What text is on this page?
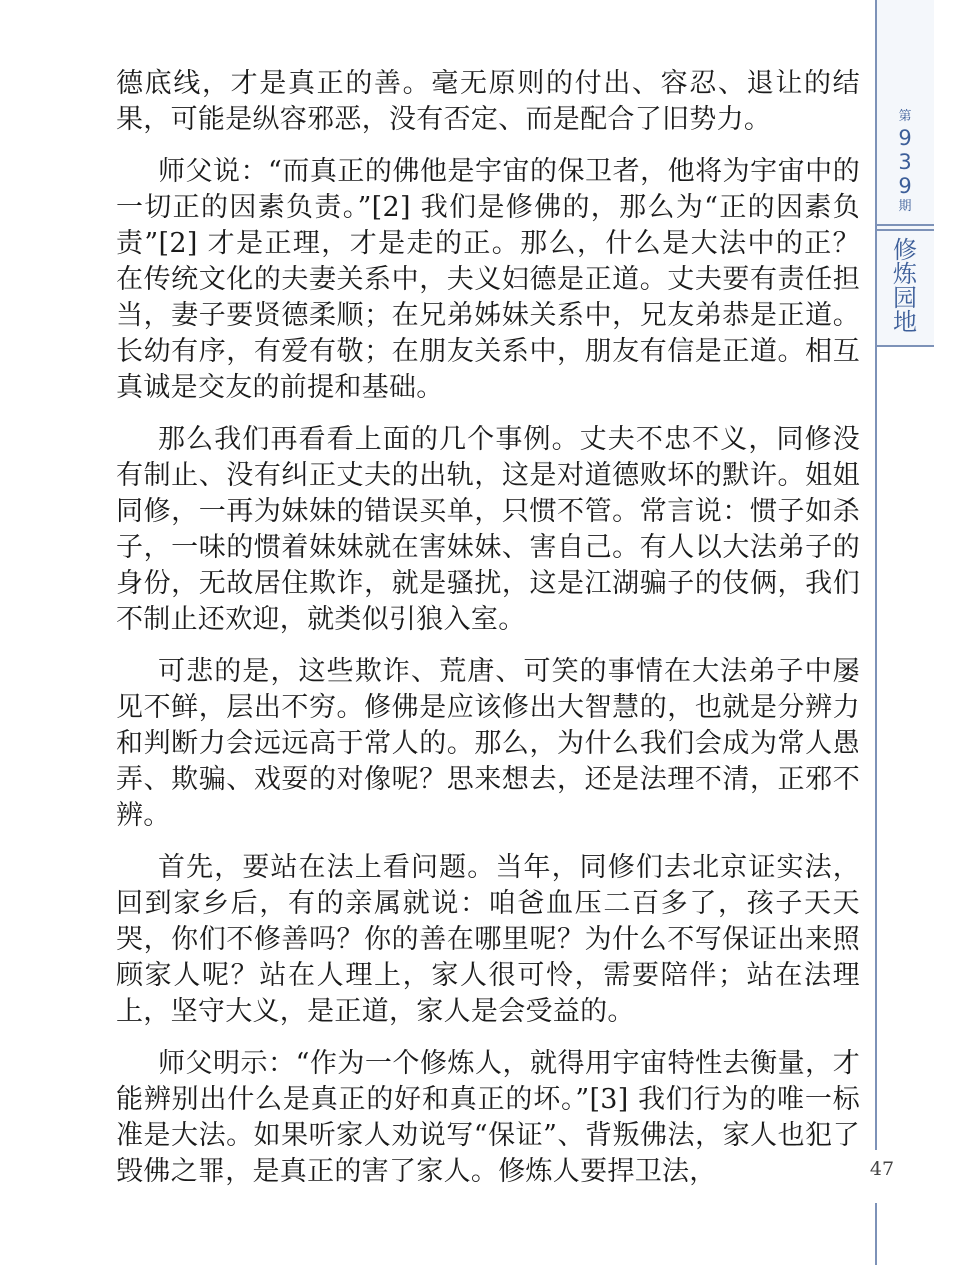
第
9
3
9
期
修
炼
园
地

德底线，才是真正的善。毫无原则的付出、容忍、退让的结果，可能是纵容邪恶，没有否定、而是配合了旧势力。

师父说：“而真正的佛他是宇宙的保卫者，他将为宇宙中的一切正的因素负责。”[2] 我们是修佛的，那么为“正的因素负责”[2] 才是正理，才是走的正。那么，什么是大法中的正？在传统文化的夫妻关系中，夫义妇德是正道。丈夫要有责任担当，妻子要贤德柔顺；在兄弟姊妹关系中，兄友弟恭是正道。长幼有序，有爱有敬；在朋友关系中，朋友有信是正道。相互真诚是交友的前提和基础。

那么我们再看看上面的几个事例。丈夫不忠不义，同修没有制止、没有纠正丈夫的出轨，这是对道德败坏的默许。姐姐同修，一再为妹妹的错误买单，只惯不管。常言说：惯子如杀子，一味的惯着妹妹就在害妹妹、害自己。有人以大法弟子的身份，无故居住欺诈，就是骚扰，这是江湖骗子的伎俩，我们不制止还欢迎，就类似引狼入室。

可悲的是，这些欺诈、荒唐、可笑的事情在大法弟子中屡见不鲜，层出不穷。修佛是应该修出大智慧的，也就是分辨力和判断力会远远高于常人的。那么，为什么我们会成为常人愚弄、欺骗、戏耍的对像呢？思来想去，还是法理不清，正邪不辨。

首先，要站在法上看问题。当年，同修们去北京证实法，回到家乡后，有的亲属就说：咱爸血压二百多了，孩子天天哭，你们不修善吗？你的善在哪里呢？为什么不写保证出来照顾家人呢？站在人理上，家人很可怜，需要陪伴；站在法理上，坚守大义，是正道，家人是会受益的。

师父明示：“作为一个修炼人，就得用宇宙特性去衡量，才能辨别出什么是真正的好和真正的坏。”[3] 我们行为的唯一标准是大法。如果听家人劝说写“保证”、背叛佛法，家人也犯了毁佛之罪，是真正的害了家人。修炼人要捍卫法，	47
